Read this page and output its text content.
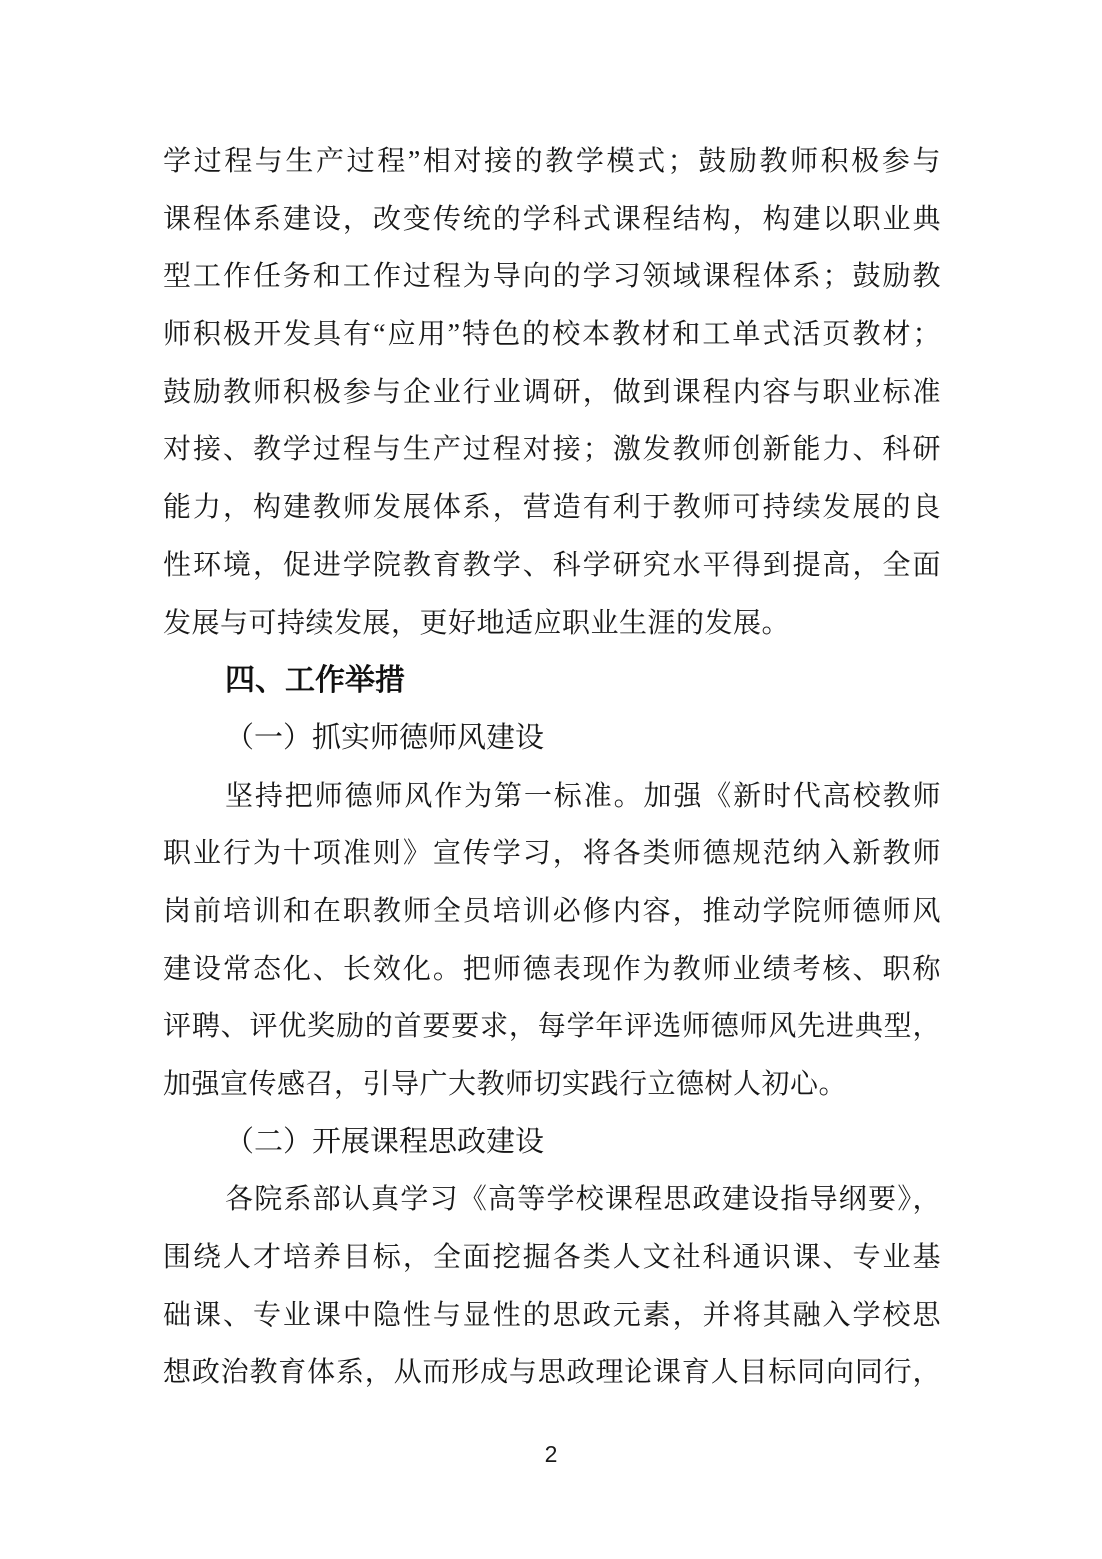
学过程与生产过程”相对接的教学模式；鼓励教师积极参与
课程体系建设，改变传统的学科式课程结构，构建以职业典
型工作任务和工作过程为导向的学习领域课程体系；鼓励教
师积极开发具有“应用”特色的校本教材和工单式活页教材；
鼓励教师积极参与企业行业调研，做到课程内容与职业标准
对接、教学过程与生产过程对接；激发教师创新能力、科研
能力，构建教师发展体系，营造有利于教师可持续发展的良
性环境，促进学院教育教学、科学研究水平得到提高，全面
发展与可持续发展，更好地适应职业生涯的发展。
四、工作举措
（一）抓实师德师风建设
坚持把师德师风作为第一标准。加强《新时代高校教师
职业行为十项准则》宣传学习，将各类师德规范纳入新教师
岗前培训和在职教师全员培训必修内容，推动学院师德师风
建设常态化、长效化。把师德表现作为教师业绩考核、职称
评聘、评优奖励的首要要求，每学年评选师德师风先进典型，
加强宣传感召，引导广大教师切实践行立德树人初心。
（二）开展课程思政建设
各院系部认真学习《高等学校课程思政建设指导纲要》，
围绕人才培养目标，全面挖掘各类人文社科通识课、专业基
础课、专业课中隐性与显性的思政元素，并将其融入学校思
想政治教育体系，从而形成与思政理论课育人目标同向同行，
2
